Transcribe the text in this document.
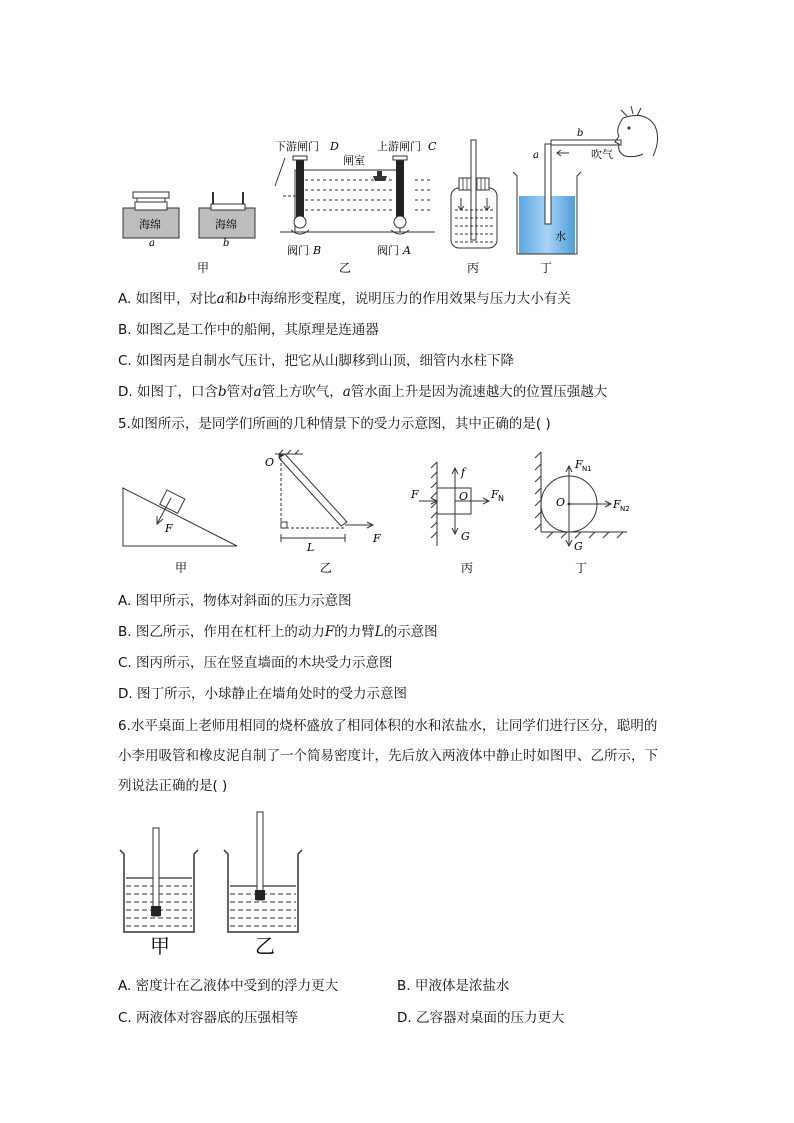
海绵
a
海绵
b
甲
下游闸门 D	上游闸门 C
闸室
阀门 B	阀门 A
乙	丙
b
a	吹气
水
丁
A. 如图甲，对比a和b中海绵形变程度，说明压力的作用效果与压力大小有关
B. 如图乙是工作中的船闸，其原理是连通器
C. 如图丙是自制水气压计，把它从山脚移到山顶，细管内水柱下降
D. 如图丁，口含b管对a管上方吹气，a管水面上升是因为流速越大的位置压强越大
5.如图所示，是同学们所画的几种情景下的受力示意图，其中正确的是( )
F
甲
O
L
F
乙
f
O
F	F N
G
丙
O
F N1
F N2
G
丁
A. 图甲所示，物体对斜面的压力示意图
B. 图乙所示，作用在杠杆上的动力F的力臂L的示意图
C. 图丙所示，压在竖直墙面的木块受力示意图
D. 图丁所示，小球静止在墙角处时的受力示意图
6.水平桌面上老师用相同的烧杯盛放了相同体积的水和浓盐水，让同学们进行区分，聪明的
小李用吸管和橡皮泥自制了一个简易密度计，先后放入两液体中静止时如图甲、乙所示，下
列说法正确的是( )
甲	乙
A. 密度计在乙液体中受到的浮力更大	B. 甲液体是浓盐水
C. 两液体对容器底的压强相等	D. 乙容器对桌面的压力更大
